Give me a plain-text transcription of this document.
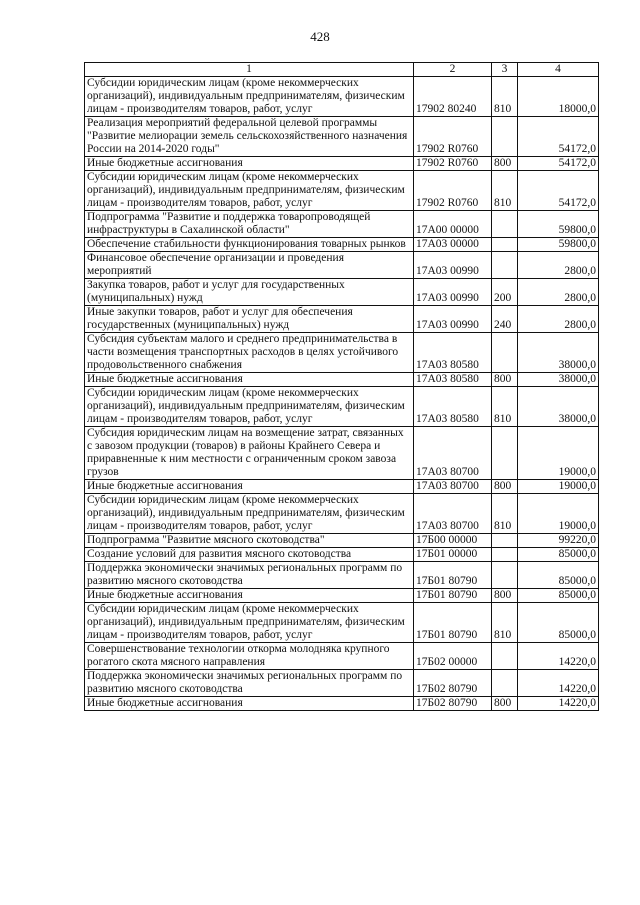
428
1	2	3	4
Субсидии юридическим лицам (кроме некоммерческих организаций), индивидуальным предпринимателям, физическим лицам - производителям товаров, работ, услуг	17902 80240	810	18000,0
Реализация мероприятий федеральной целевой программы "Развитие мелиорации земель сельскохозяйственного назначения России на 2014-2020 годы"	17902 R0760		54172,0
Иные бюджетные ассигнования	17902 R0760	800	54172,0
Субсидии юридическим лицам (кроме некоммерческих организаций), индивидуальным предпринимателям, физическим лицам - производителям товаров, работ, услуг	17902 R0760	810	54172,0
Подпрограмма "Развитие и поддержка товаропроводящей инфраструктуры в Сахалинской области"	17А00 00000		59800,0
Обеспечение стабильности функционирования товарных рынков	17А03 00000		59800,0
Финансовое обеспечение организации и проведения мероприятий	17А03 00990		2800,0
Закупка товаров, работ и услуг для государственных (муниципальных) нужд	17А03 00990	200	2800,0
Иные закупки товаров, работ и услуг для обеспечения государственных (муниципальных) нужд	17А03 00990	240	2800,0
Субсидия субъектам малого и среднего предпринимательства в части возмещения транспортных расходов в целях устойчивого продовольственного снабжения	17А03 80580		38000,0
Иные бюджетные ассигнования	17А03 80580	800	38000,0
Субсидии юридическим лицам (кроме некоммерческих организаций), индивидуальным предпринимателям, физическим лицам - производителям товаров, работ, услуг	17А03 80580	810	38000,0
Субсидия юридическим лицам на возмещение затрат, связанных с завозом продукции (товаров) в районы Крайнего Севера и приравненные к ним местности с ограниченным сроком завоза грузов	17А03 80700		19000,0
Иные бюджетные ассигнования	17А03 80700	800	19000,0
Субсидии юридическим лицам (кроме некоммерческих организаций), индивидуальным предпринимателям, физическим лицам - производителям товаров, работ, услуг	17А03 80700	810	19000,0
Подпрограмма "Развитие мясного скотоводства"	17Б00 00000		99220,0
Создание условий для развития мясного скотоводства	17Б01 00000		85000,0
Поддержка экономически значимых региональных программ по развитию мясного скотоводства	17Б01 80790		85000,0
Иные бюджетные ассигнования	17Б01 80790	800	85000,0
Субсидии юридическим лицам (кроме некоммерческих организаций), индивидуальным предпринимателям, физическим лицам - производителям товаров, работ, услуг	17Б01 80790	810	85000,0
Совершенствование технологии откорма молодняка крупного рогатого скота мясного направления	17Б02 00000		14220,0
Поддержка экономически значимых региональных программ по развитию мясного скотоводства	17Б02 80790		14220,0
Иные бюджетные ассигнования	17Б02 80790	800	14220,0
